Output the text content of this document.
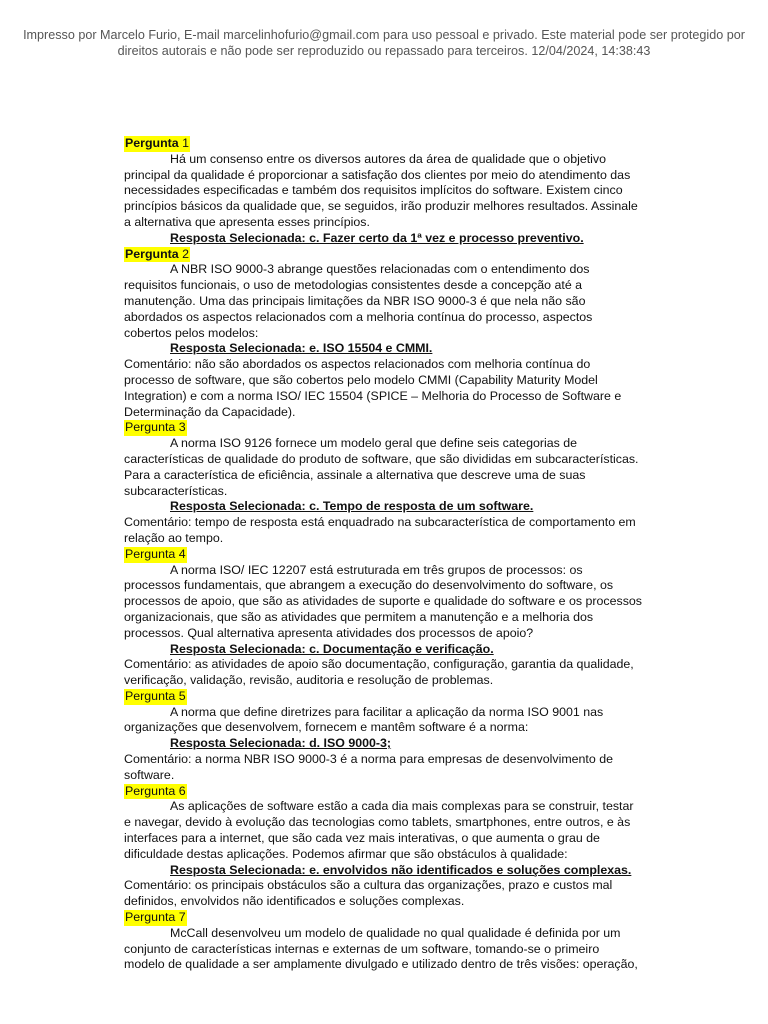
Impresso por Marcelo Furio, E-mail marcelinhofurio@gmail.com para uso pessoal e privado. Este material pode ser protegido por
direitos autorais e não pode ser reproduzido ou repassado para terceiros. 12/04/2024, 14:38:43
Pergunta 1

Há um consenso entre os diversos autores da área de qualidade que o objetivo principal da qualidade é proporcionar a satisfação dos clientes por meio do atendimento das necessidades especificadas e também dos requisitos implícitos do software. Existem cinco princípios básicos da qualidade que, se seguidos, irão produzir melhores resultados. Assinale a alternativa que apresenta esses princípios.

Resposta Selecionada: c. Fazer certo da 1ª vez e processo preventivo.

Pergunta 2

A NBR ISO 9000-3 abrange questões relacionadas com o entendimento dos requisitos funcionais, o uso de metodologias consistentes desde a concepção até a manutenção. Uma das principais limitações da NBR ISO 9000-3 é que nela não são abordados os aspectos relacionados com a melhoria contínua do processo, aspectos cobertos pelos modelos:

Resposta Selecionada: e. ISO 15504 e CMMI.

Comentário: não são abordados os aspectos relacionados com melhoria contínua do processo de software, que são cobertos pelo modelo CMMI (Capability Maturity Model Integration) e com a norma ISO/ IEC 15504 (SPICE – Melhoria do Processo de Software e Determinação da Capacidade).

Pergunta 3

A norma ISO 9126 fornece um modelo geral que define seis categorias de características de qualidade do produto de software, que são divididas em subcaracterísticas. Para a característica de eficiência, assinale a alternativa que descreve uma de suas subcaracterísticas.

Resposta Selecionada: c. Tempo de resposta de um software.

Comentário: tempo de resposta está enquadrado na subcaracterística de comportamento em relação ao tempo.

Pergunta 4

A norma ISO/ IEC 12207 está estruturada em três grupos de processos: os processos fundamentais, que abrangem a execução do desenvolvimento do software, os processos de apoio, que são as atividades de suporte e qualidade do software e os processos organizacionais, que são as atividades que permitem a manutenção e a melhoria dos processos. Qual alternativa apresenta atividades dos processos de apoio?

Resposta Selecionada: c. Documentação e verificação.

Comentário: as atividades de apoio são documentação, configuração, garantia da qualidade, verificação, validação, revisão, auditoria e resolução de problemas.

Pergunta 5

A norma que define diretrizes para facilitar a aplicação da norma ISO 9001 nas organizações que desenvolvem, fornecem e mantêm software é a norma:

Resposta Selecionada: d. ISO 9000-3;

Comentário: a norma NBR ISO 9000-3 é a norma para empresas de desenvolvimento de software.

Pergunta 6

As aplicações de software estão a cada dia mais complexas para se construir, testar e navegar, devido à evolução das tecnologias como tablets, smartphones, entre outros, e às interfaces para a internet, que são cada vez mais interativas, o que aumenta o grau de dificuldade destas aplicações. Podemos afirmar que são obstáculos à qualidade:

Resposta Selecionada: e. envolvidos não identificados e soluções complexas.

Comentário: os principais obstáculos são a cultura das organizações, prazo e custos mal definidos, envolvidos não identificados e soluções complexas.

Pergunta 7

McCall desenvolveu um modelo de qualidade no qual qualidade é definida por um conjunto de características internas e externas de um software, tomando-se o primeiro modelo de qualidade a ser amplamente divulgado e utilizado dentro de três visões: operação,
